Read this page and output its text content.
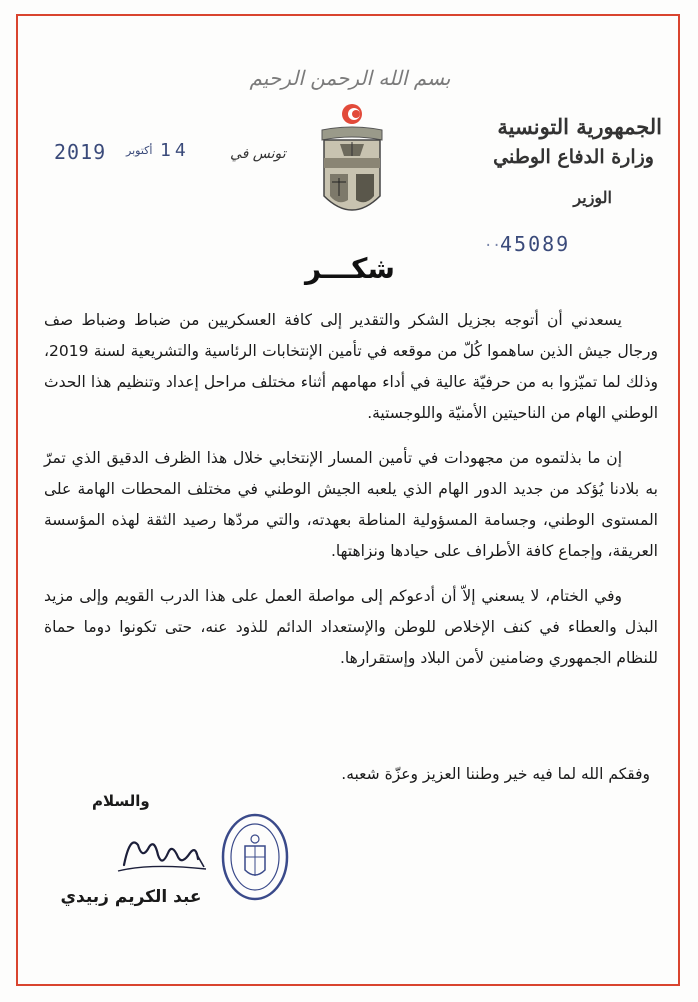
بسم الله الرحمن الرحيم
الجمهورية التونسية
وزارة الدفاع الوطني
الوزير
2019 أكتوبر 14	تونس في
.. 45089
شكـــر

يسعدني أن أتوجه بجزيل الشكر والتقدير إلى كافة العسكريين من ضباط وضباط صف ورجال جيش الذين ساهموا كُلّ من موقعه في تأمين الإنتخابات الرئاسية والتشريعية لسنة 2019، وذلك لما تميّزوا به من حرفيّة عالية في أداء مهامهم أثناء مختلف مراحل إعداد وتنظيم هذا الحدث الوطني الهام من الناحيتين الأمنيّة واللوجستية.

إن ما بذلتموه من مجهودات في تأمين المسار الإنتخابي خلال هذا الظرف الدقيق الذي تمرّ به بلادنا يُؤكد من جديد الدور الهام الذي يلعبه الجيش الوطني في مختلف المحطات الهامة على المستوى الوطني، وجسامة المسؤولية المناطة بعهدته، والتي مردّها رصيد الثقة لهذه المؤسسة العريقة، وإجماع كافة الأطراف على حيادها ونزاهتها.

وفي الختام، لا يسعني إلاّ أن أدعوكم إلى مواصلة العمل على هذا الدرب القويم وإلى مزيد البذل والعطاء في كنف الإخلاص للوطن والإستعداد الدائم للذود عنه، حتى تكونوا دوما حماة للنظام الجمهوري وضامنين لأمن البلاد وإستقرارها.

وفقكم الله لما فيه خير وطننا العزيز وعزّة شعبه.
والسلام
عبد الكريم زبيدي
